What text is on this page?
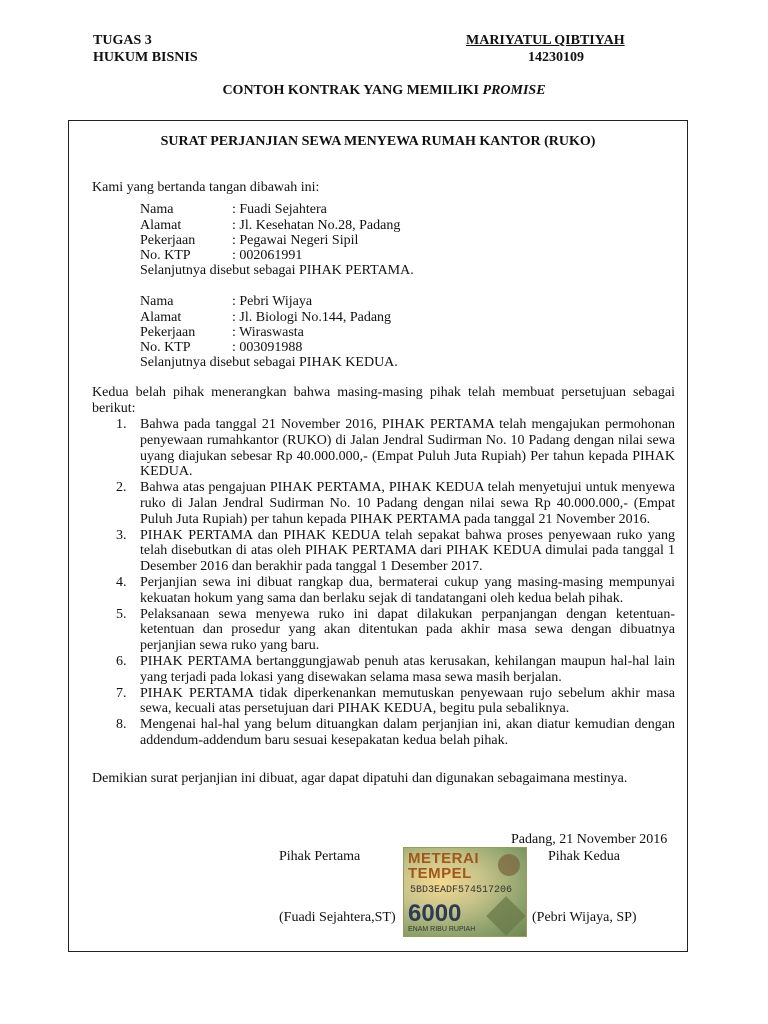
TUGAS 3
HUKUM BISNIS
MARIYATUL QIBTIYAH
14230109
CONTOH KONTRAK YANG MEMILIKI PROMISE
SURAT PERJANJIAN SEWA MENYEWA RUMAH KANTOR (RUKO)
Kami yang bertanda tangan dibawah ini:
Nama	: Fuadi Sejahtera
Alamat	: Jl. Kesehatan No.28, Padang
Pekerjaan	: Pegawai Negeri Sipil
No. KTP	: 002061991
Selanjutnya disebut sebagai PIHAK PERTAMA.
Nama	: Pebri Wijaya
Alamat	: Jl. Biologi No.144, Padang
Pekerjaan	: Wiraswasta
No. KTP	: 003091988
Selanjutnya disebut sebagai PIHAK KEDUA.
Kedua belah pihak menerangkan bahwa masing-masing pihak telah membuat persetujuan sebagai berikut:
1. Bahwa pada tanggal 21 November 2016, PIHAK PERTAMA telah mengajukan permohonan penyewaan rumahkantor (RUKO) di Jalan Jendral Sudirman No. 10 Padang dengan nilai sewa uyang diajukan sebesar Rp 40.000.000,- (Empat Puluh Juta Rupiah) Per tahun kepada PIHAK KEDUA.
2. Bahwa atas pengajuan PIHAK PERTAMA, PIHAK KEDUA telah menyetujui untuk menyewa ruko di Jalan Jendral Sudirman No. 10 Padang dengan nilai sewa Rp 40.000.000,- (Empat Puluh Juta Rupiah) per tahun kepada PIHAK PERTAMA pada tanggal 21 November 2016.
3. PIHAK PERTAMA dan PIHAK KEDUA telah sepakat bahwa proses penyewaan ruko yang telah disebutkan di atas oleh PIHAK PERTAMA dari PIHAK KEDUA dimulai pada tanggal 1 Desember 2016 dan berakhir pada tanggal 1 Desember 2017.
4. Perjanjian sewa ini dibuat rangkap dua, bermaterai cukup yang masing-masing mempunyai kekuatan hokum yang sama dan berlaku sejak di tandatangani oleh kedua belah pihak.
5. Pelaksanaan sewa menyewa ruko ini dapat dilakukan perpanjangan dengan ketentuan-ketentuan dan prosedur yang akan ditentukan pada akhir masa sewa dengan dibuatnya perjanjian sewa ruko yang baru.
6. PIHAK PERTAMA bertanggungjawab penuh atas kerusakan, kehilangan maupun hal-hal lain yang terjadi pada lokasi yang disewakan selama masa sewa masih berjalan.
7. PIHAK PERTAMA tidak diperkenankan memutuskan penyewaan rujo sebelum akhir masa sewa, kecuali atas persetujuan dari PIHAK KEDUA, begitu pula sebaliknya.
8. Mengenai hal-hal yang belum dituangkan dalam perjanjian ini, akan diatur kemudian dengan addendum-addendum baru sesuai kesepakatan kedua belah pihak.
Demikian surat perjanjian ini dibuat, agar dapat dipatuhi dan digunakan sebagaimana mestinya.
Padang, 21 November 2016
Pihak Pertama	Pihak Kedua
METERAI
TEMPEL
5BD3EADF574517206
6000
ENAM RIBU RUPIAH
(Fuadi Sejahtera,ST)	(Pebri Wijaya, SP)
